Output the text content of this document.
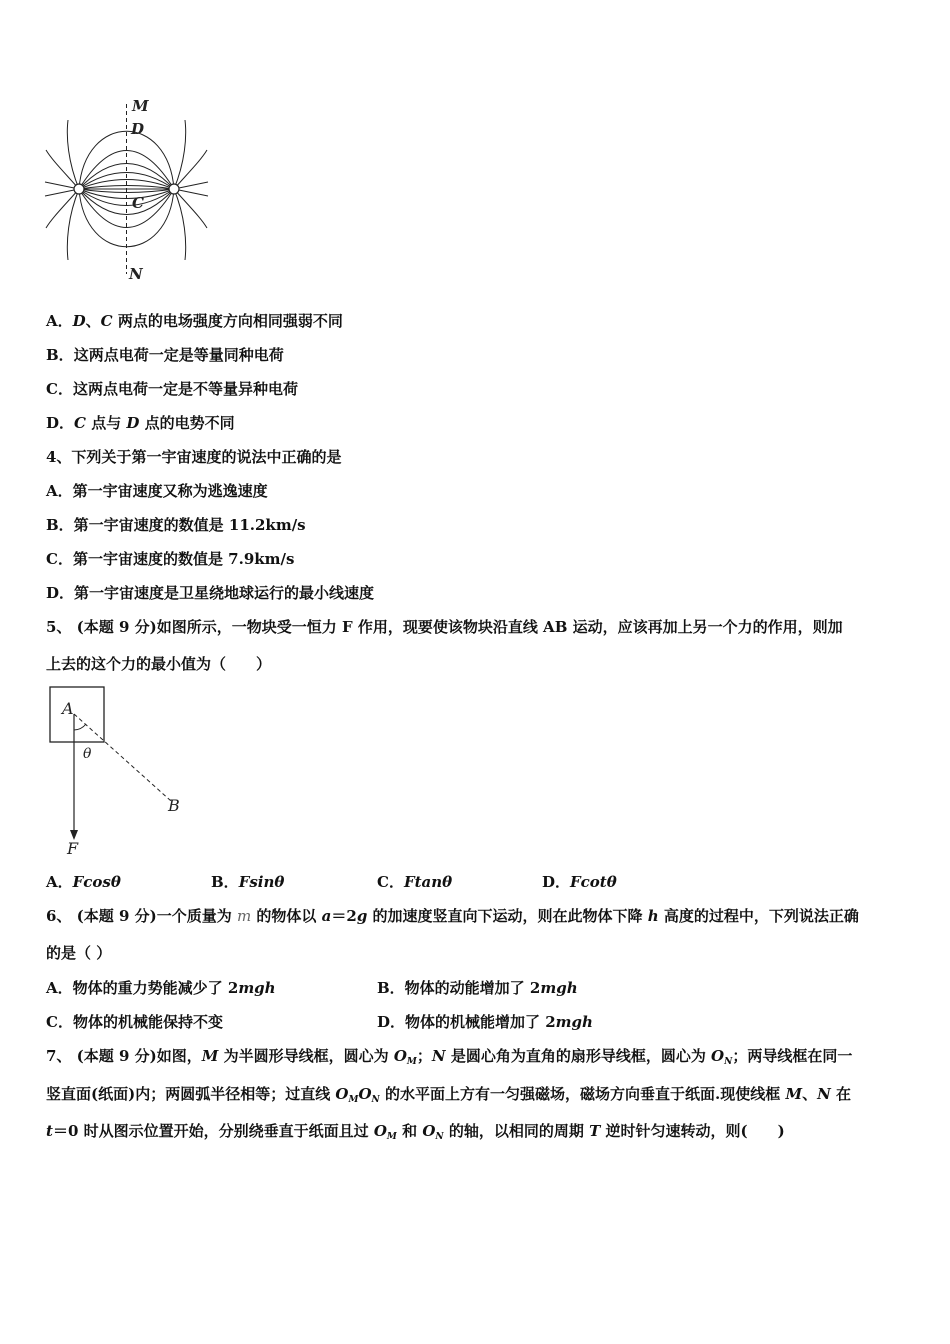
M
D
C
N
A．D、C 两点的电场强度方向相同强弱不同
B．这两点电荷一定是等量同种电荷
C．这两点电荷一定是不等量异种电荷
D．C 点与 D 点的电势不同
4、下列关于第一宇宙速度的说法中正确的是
A．第一宇宙速度又称为逃逸速度
B．第一宇宙速度的数值是 11.2km/s
C．第一宇宙速度的数值是 7.9km/s
D．第一宇宙速度是卫星绕地球运行的最小线速度
5、 (本题 9 分)如图所示，一物块受一恒力 F 作用，现要使该物块沿直线 AB 运动，应该再加上另一个力的作用，则加
上去的这个力的最小值为（　　）
A
θ
B
F
A．Fcosθ	B．Fsinθ	C．Ftanθ	D．Fcotθ
6、 (本题 9 分)一个质量为 m 的物体以 a＝2g 的加速度竖直向下运动，则在此物体下降 h 高度的过程中，下列说法正确
的是（ ）
A．物体的重力势能减少了 2mgh	B．物体的动能增加了 2mgh
C．物体的机械能保持不变	D．物体的机械能增加了 2mgh
7、 (本题 9 分)如图，M 为半圆形导线框，圆心为 $O_M$；N 是圆心角为直角的扇形导线框，圆心为 $O_N$；两导线框在同一
竖直面(纸面)内；两圆弧半径相等；过直线 $O_MO_N$ 的水平面上方有一匀强磁场，磁场方向垂直于纸面.现使线框 M、N 在
t＝0 时从图示位置开始，分别绕垂直于纸面且过 $O_M$ 和 $O_N$ 的轴，以相同的周期 T 逆时针匀速转动，则(　　)
